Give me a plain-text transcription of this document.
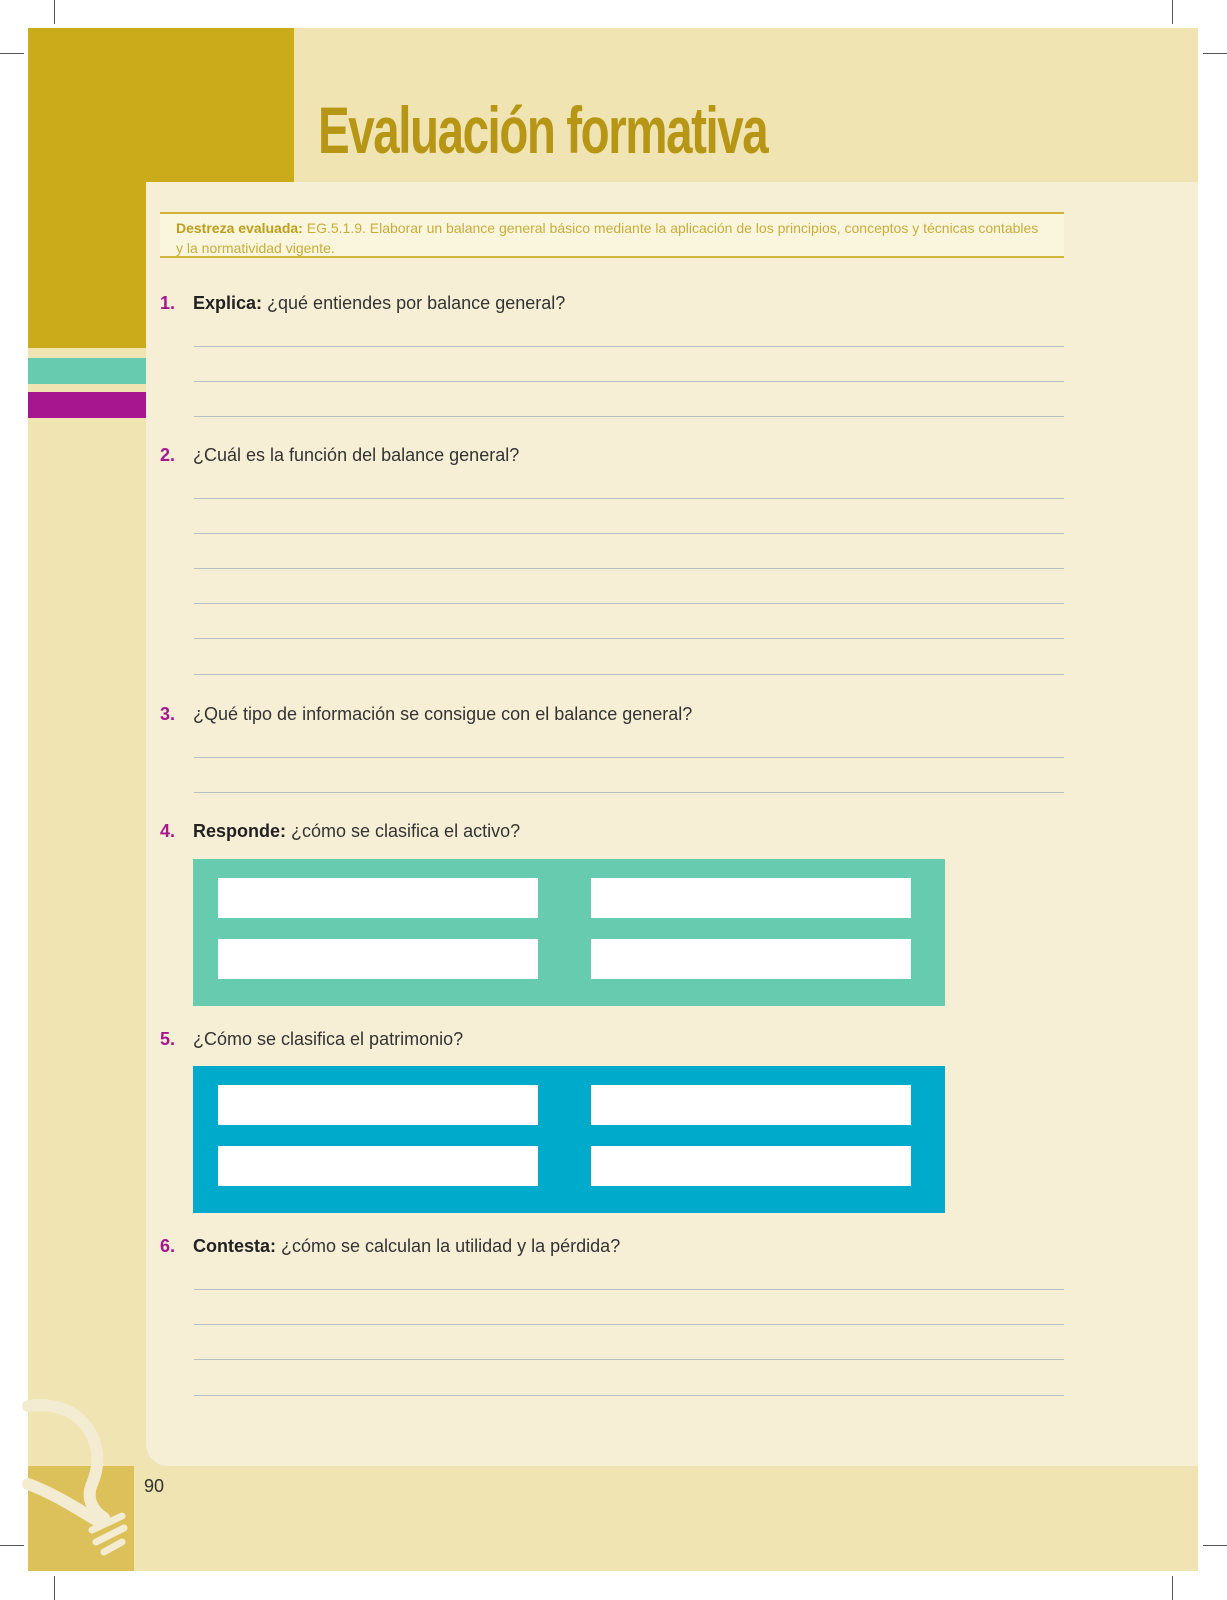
Evaluación formativa
Destreza evaluada: EG.5.1.9. Elaborar un balance general básico mediante la aplicación de los principios, conceptos y técnicas contables y la normatividad vigente.
1. Explica: ¿qué entiendes por balance general?
2. ¿Cuál es la función del balance general?
3. ¿Qué tipo de información se consigue con el balance general?
4. Responde: ¿cómo se clasifica el activo?
5. ¿Cómo se clasifica el patrimonio?
6. Contesta: ¿cómo se calculan la utilidad y la pérdida?
90
